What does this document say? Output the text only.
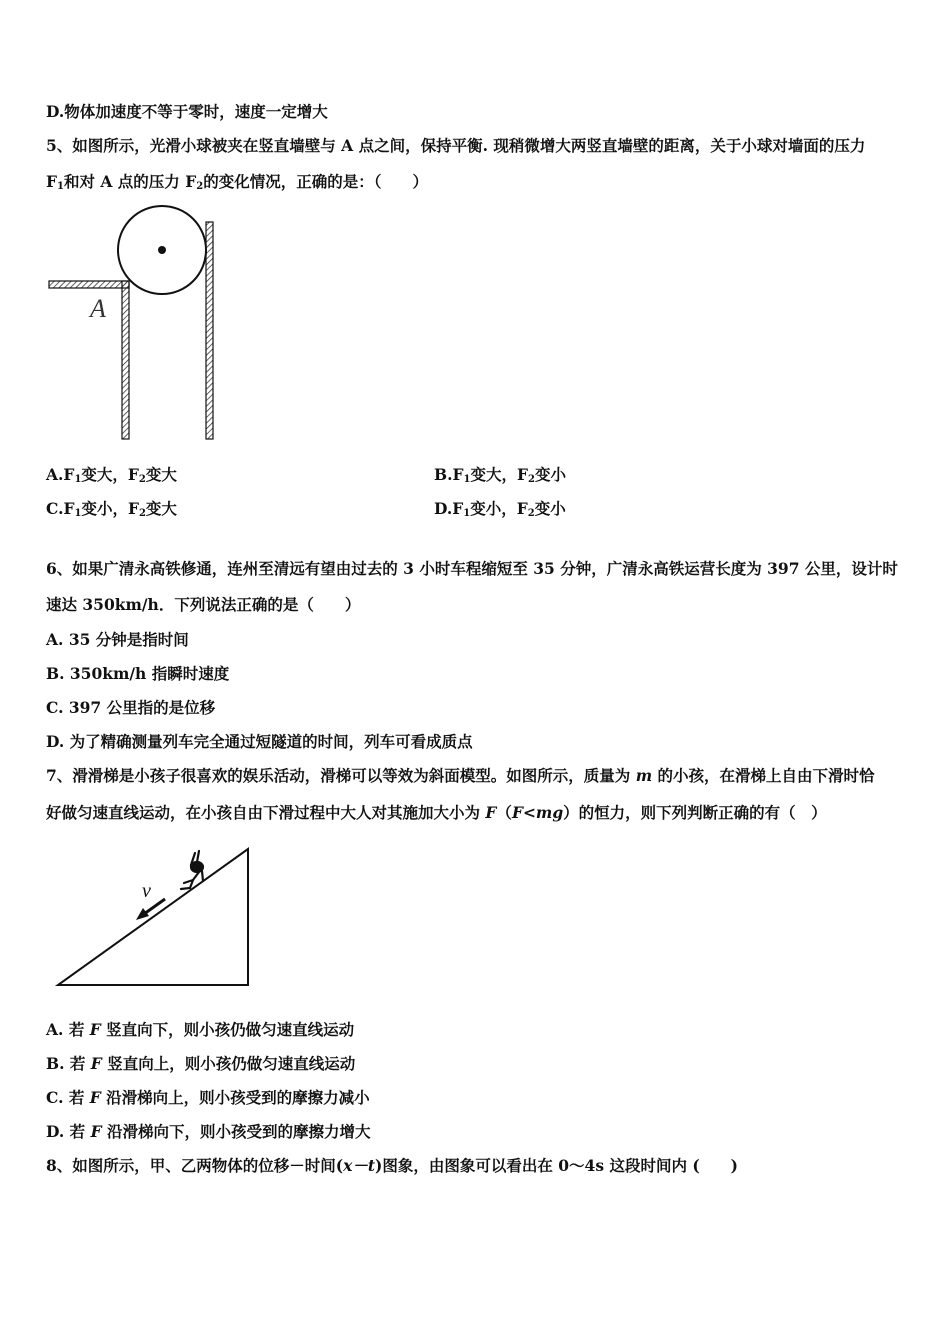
D.物体加速度不等于零时，速度一定增大
5、如图所示，光滑小球被夹在竖直墙壁与 A 点之间，保持平衡. 现稍微增大两竖直墙壁的距离，关于小球对墙面的压力
$F_1$和对 A 点的压力 $F_2$的变化情况，正确的是：（　　）
A
$A.F_1$变大，$F_2$变大	$B.F_1$变大，$F_2$变小
$C.F_1$变小，$F_2$变大	$D.F_1$变小，$F_2$变小
6、如果广清永高铁修通，连州至清远有望由过去的 3 小时车程缩短至 35 分钟，广清永高铁运营长度为 397 公里，设计时
速达 350km/h．下列说法正确的是（　　）
A. 35 分钟是指时间
B. 350km/h 指瞬时速度
C. 397 公里指的是位移
D. 为了精确测量列车完全通过短隧道的时间，列车可看成质点
7、滑滑梯是小孩子很喜欢的娱乐活动，滑梯可以等效为斜面模型。如图所示，质量为 m 的小孩，在滑梯上自由下滑时恰
好做匀速直线运动，在小孩自由下滑过程中大人对其施加大小为 F（F<mg）的恒力，则下列判断正确的有（　）
v
A. 若 F 竖直向下，则小孩仍做匀速直线运动
B. 若 F 竖直向上，则小孩仍做匀速直线运动
C. 若 F 沿滑梯向上，则小孩受到的摩擦力减小
D. 若 F 沿滑梯向下，则小孩受到的摩擦力增大
8、如图所示，甲、乙两物体的位移－时间(x－t)图象，由图象可以看出在 0～4s 这段时间内 (　　)
